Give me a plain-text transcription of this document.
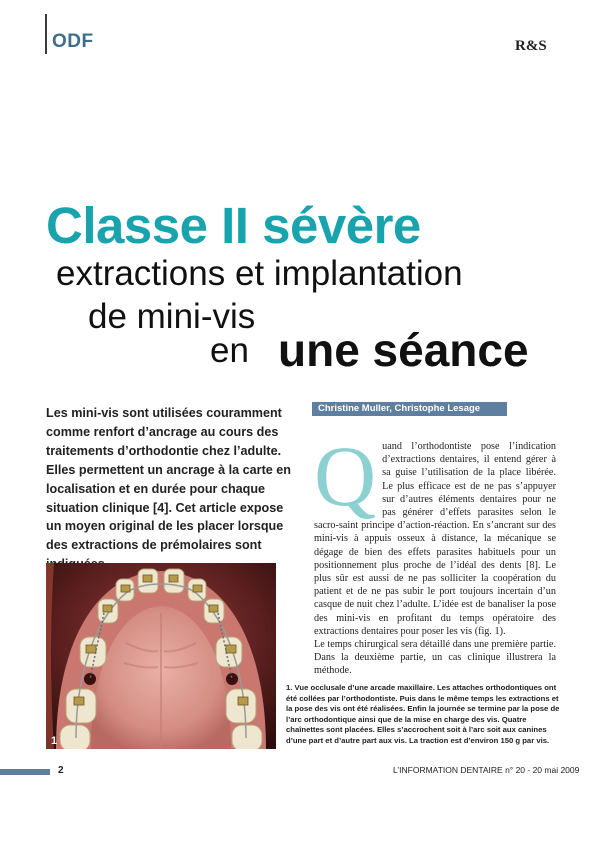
ODF	R&S
Classe II sévère
extractions et implantation
de mini-vis
en une séance
Les mini-vis sont utilisées couramment comme renfort d’ancrage au cours des traitements d’orthodontie chez l’adulte. Elles permettent un ancrage à la carte en localisation et en durée pour chaque situation clinique [4]. Cet article expose un moyen original de les placer lorsque des extractions de prémolaires sont
Christine Muller, Christophe Lesage
Q uand l’orthodontiste pose l’indication d’extractions dentaires, il entend gérer à sa guise l’utilisation de la place libérée. Le plus efficace est de ne pas s’appuyer sur d’autres éléments dentaires pour ne pas générer d’effets parasites selon le sacro-saint principe d’action-réaction. En s’ancrant sur des mini-vis à appuis osseux à distance, la mécanique se dégage de bien des effets parasites habituels pour un positionnement plus proche de l’idéal des dents [8]. Le plus sûr est aussi de ne pas solliciter la coopération du patient et de ne pas subir le port toujours incertain d’un casque de nuit chez l’adulte. L’idée est de banaliser la pose des mini-vis en profitant du temps opératoire des extractions dentaires pour poser les vis (fig. 1).

Le temps chirurgical sera détaillé dans une première partie. Dans la deuxième partie, un cas clinique illustrera la méthode.

1
1. Vue occlusale d’une arcade maxillaire. Les attaches orthodontiques ont été collées par l’orthodontiste. Puis dans le même temps les extractions et la pose des vis ont été réalisées. Enfin la journée se termine par la pose de l’arc orthodontique ainsi que de la mise en charge des vis. Quatre chaînettes sont placées. Elles s’accrochent soit à l’arc soit aux canines d’une part et d’autre part aux vis. La traction est d’environ 150 g par vis.
2	L’INFORMATION DENTAIRE n° 20 - 20 mai 2009
